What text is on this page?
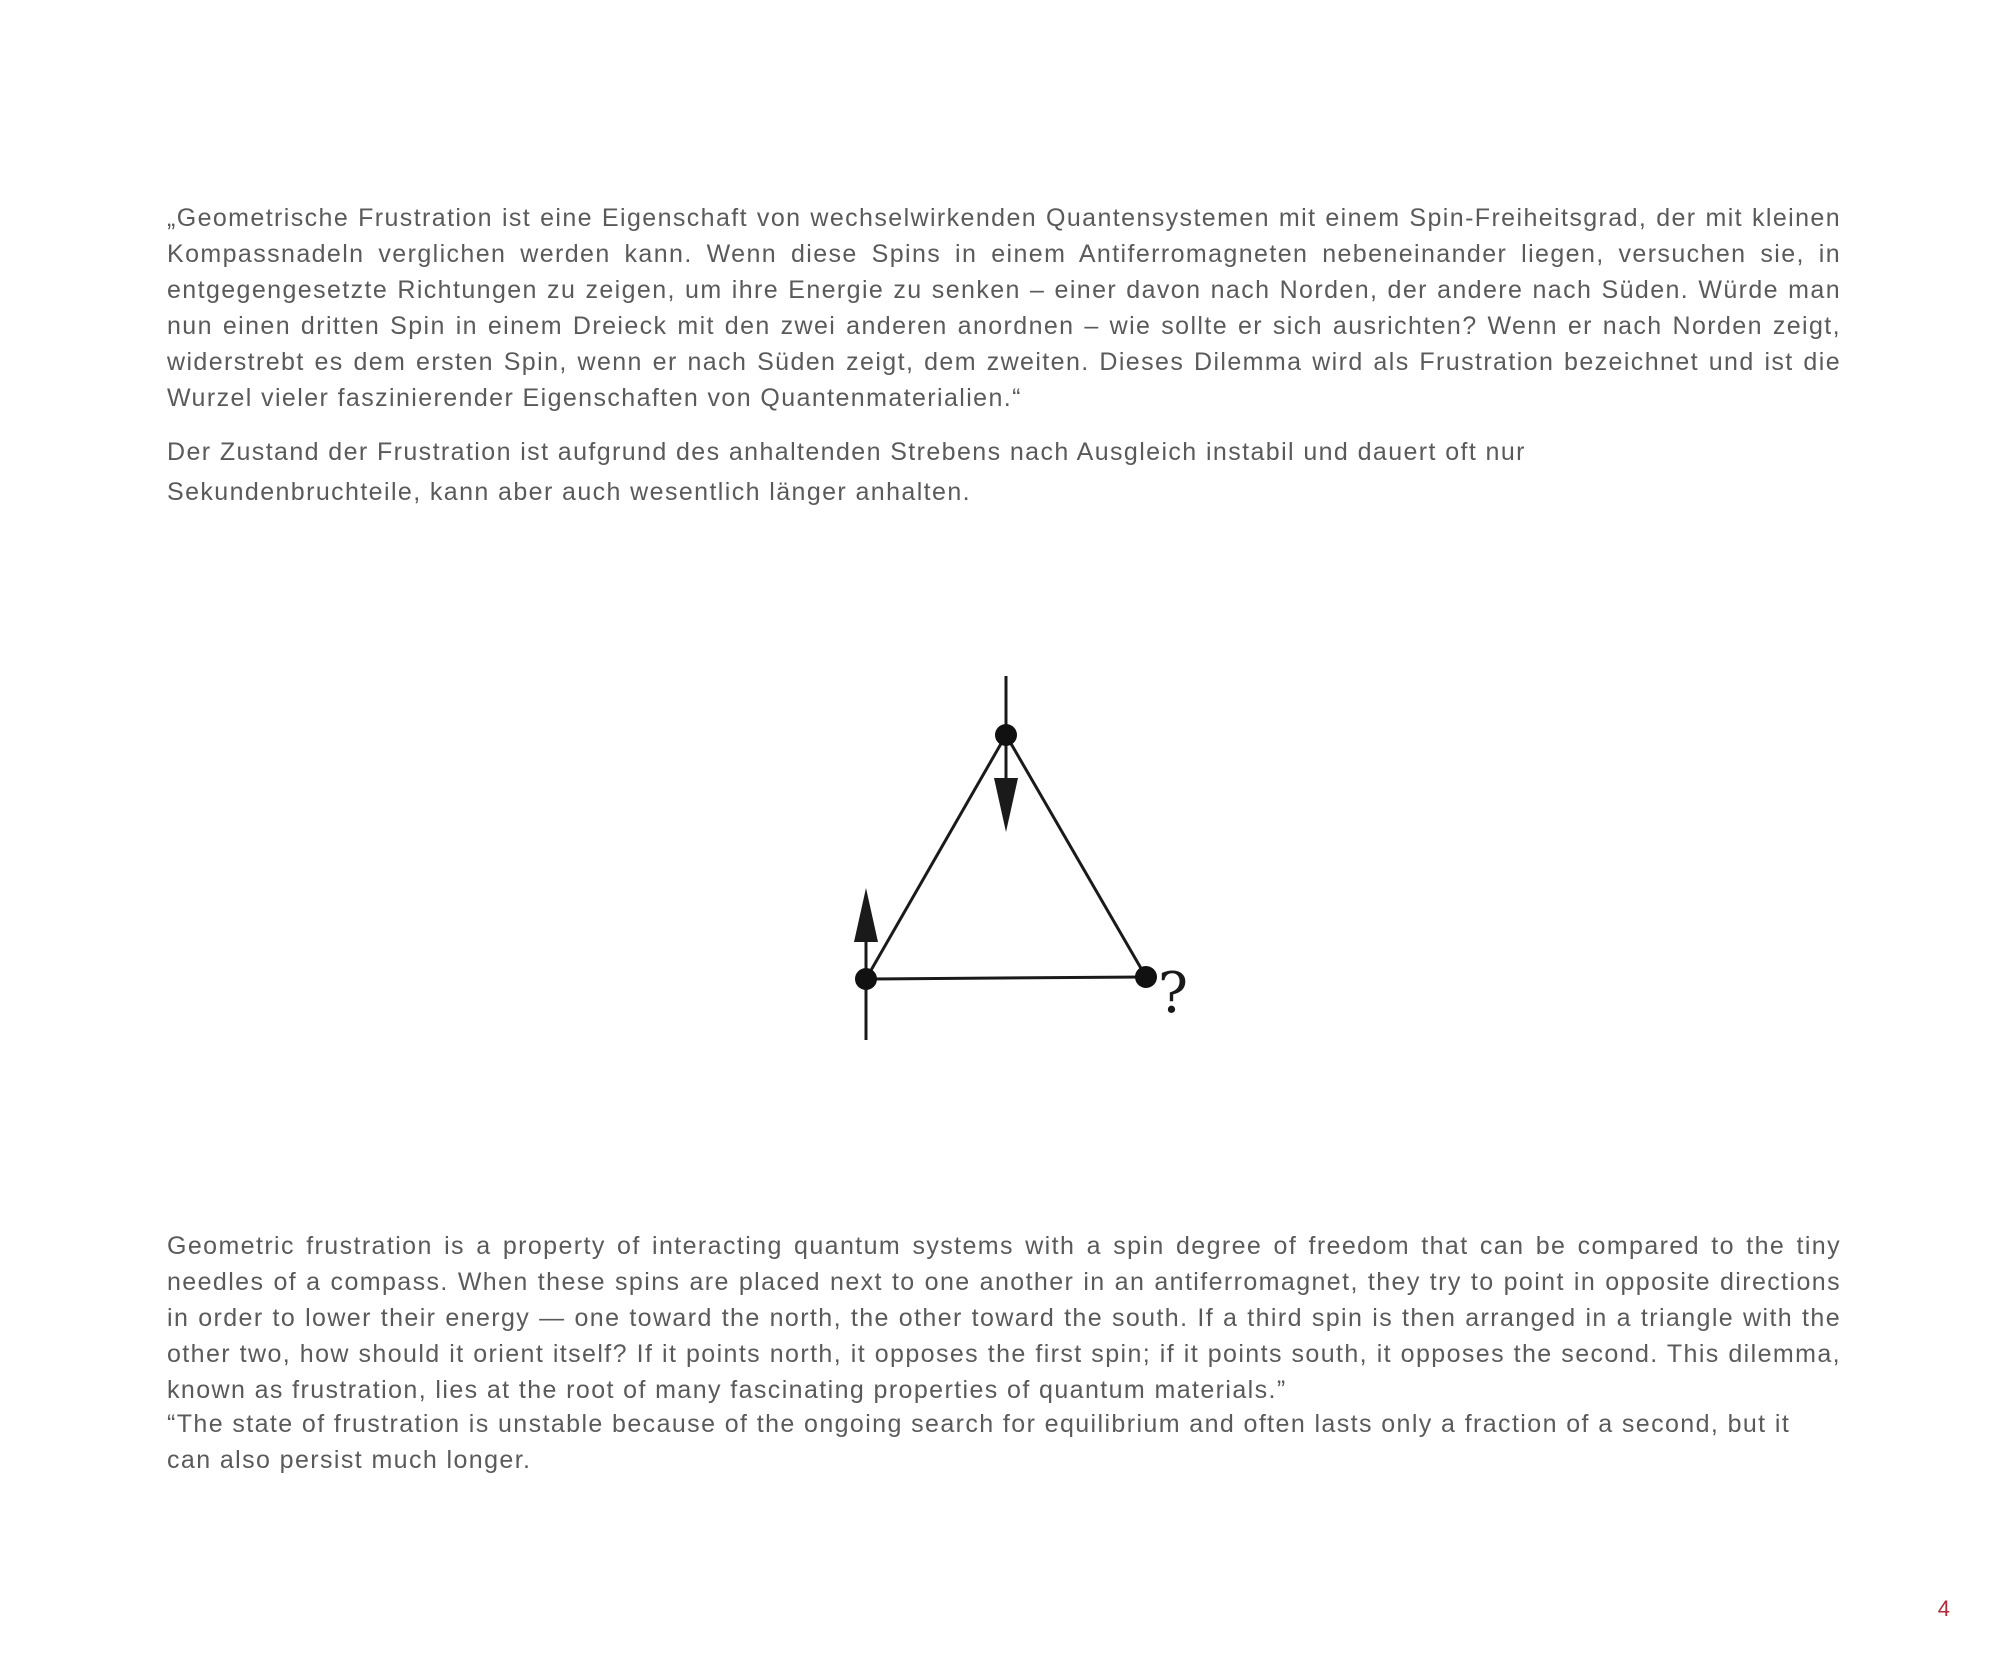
„Geometrische Frustration ist eine Eigenschaft von wechselwirkenden Quantensystemen mit einem Spin-Freiheitsgrad, der mit kleinen Kompassnadeln verglichen werden kann. Wenn diese Spins in einem Antiferromagneten nebeneinander liegen, versuchen sie, in entgegengesetzte Richtungen zu zeigen, um ihre Energie zu senken – einer davon nach Norden, der andere nach Süden. Würde man nun einen dritten Spin in einem Dreieck mit den zwei anderen anordnen – wie sollte er sich ausrichten? Wenn er nach Norden zeigt, widerstrebt es dem ersten Spin, wenn er nach Süden zeigt, dem zweiten. Dieses Dilemma wird als Frustration bezeichnet und ist die Wurzel vieler faszinierender Eigenschaften von Quantenmaterialien.“

Der Zustand der Frustration ist aufgrund des anhaltenden Strebens nach Ausgleich instabil und dauert oft nur Sekundenbruchteile, kann aber auch wesentlich länger anhalten.

?

Geometric frustration is a property of interacting quantum systems with a spin degree of freedom that can be compared to the tiny needles of a compass. When these spins are placed next to one another in an antiferromagnet, they try to point in opposite directions in order to lower their energy — one toward the north, the other toward the south. If a third spin is then arranged in a triangle with the other two, how should it orient itself? If it points north, it opposes the first spin; if it points south, it opposes the second. This dilemma, known as frustration, lies at the root of many fascinating properties of quantum materials.”

“The state of frustration is unstable because of the ongoing search for equilibrium and often lasts only a fraction of a second, but it can also persist much longer.

4
